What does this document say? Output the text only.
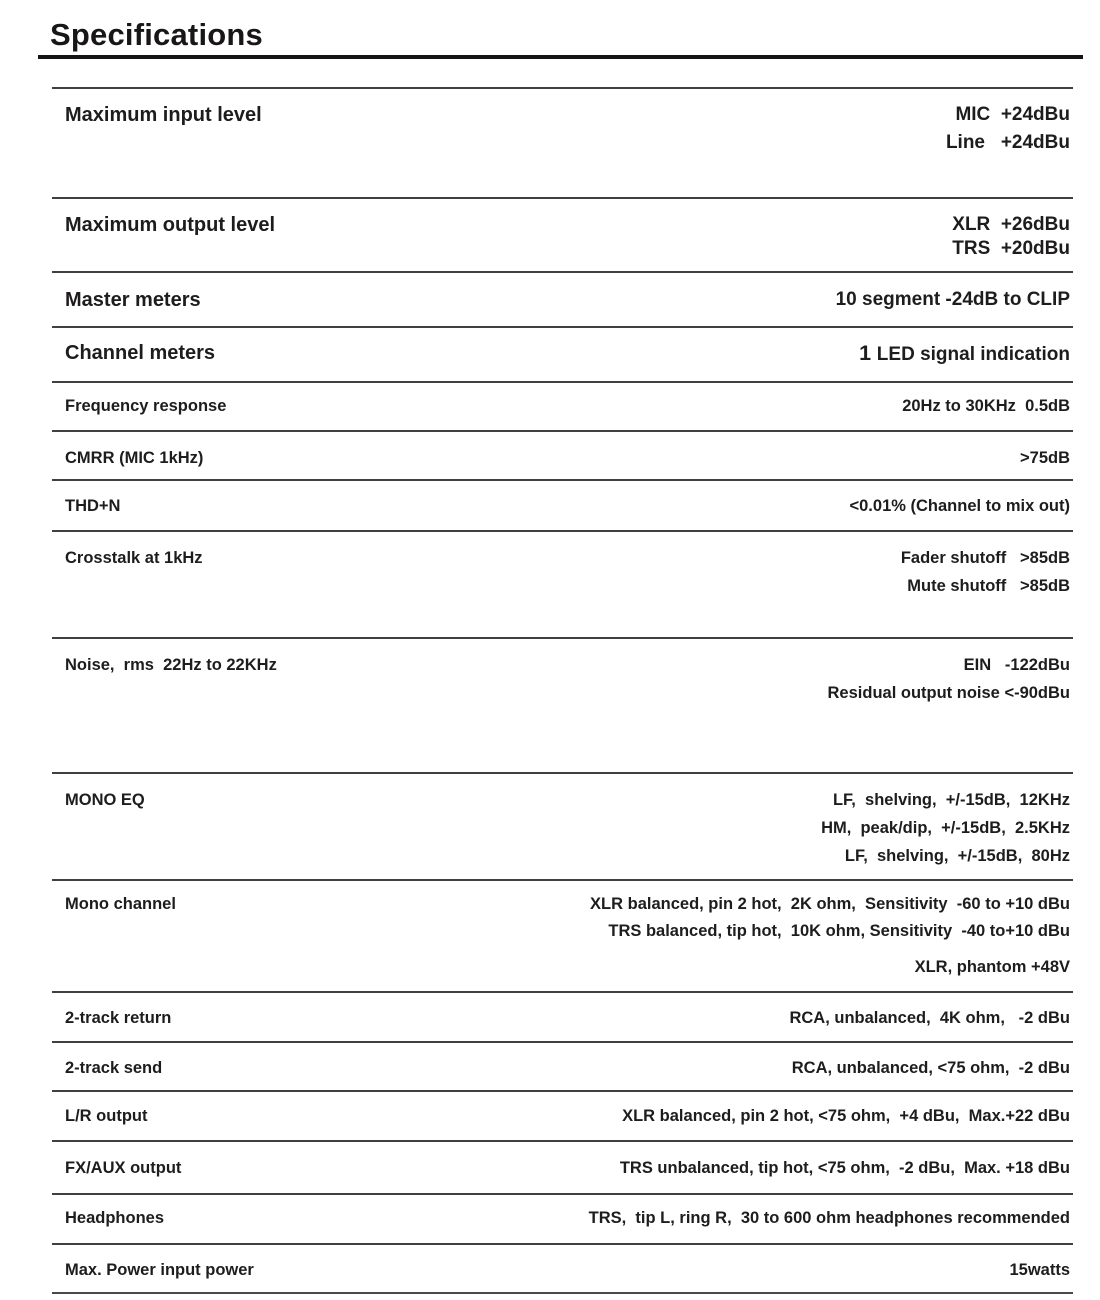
Specifications
Maximum input level	MIC  +24dBu
Line   +24dBu
Maximum output level	XLR  +26dBu
TRS  +20dBu
Master meters	10 segment -24dB to CLIP
Channel meters	1 LED signal indication
Frequency response	20Hz to 30KHz  0.5dB
CMRR (MIC 1kHz)	>75dB
THD+N	<0.01% (Channel to mix out)
Crosstalk at 1kHz	Fader shutoff   >85dB
Mute shutoff   >85dB
Noise,  rms  22Hz to 22KHz	EIN   -122dBu
Residual output noise <-90dBu
MONO EQ	LF,  shelving,  +/-15dB,  12KHz
HM,  peak/dip,  +/-15dB,  2.5KHz
LF,  shelving,  +/-15dB,  80Hz
Mono channel	XLR balanced, pin 2 hot,  2K ohm,  Sensitivity  -60 to +10 dBu
TRS balanced, tip hot,  10K ohm, Sensitivity  -40 to+10 dBu
XLR, phantom +48V
2-track return	RCA, unbalanced,  4K ohm,   -2 dBu
2-track send	RCA, unbalanced, <75 ohm,  -2 dBu
L/R output	XLR balanced, pin 2 hot, <75 ohm,  +4 dBu,  Max.+22 dBu
FX/AUX output	TRS unbalanced, tip hot, <75 ohm,  -2 dBu,  Max. +18 dBu
Headphones	TRS,  tip L, ring R,  30 to 600 ohm headphones recommended
Max. Power input power	15watts
